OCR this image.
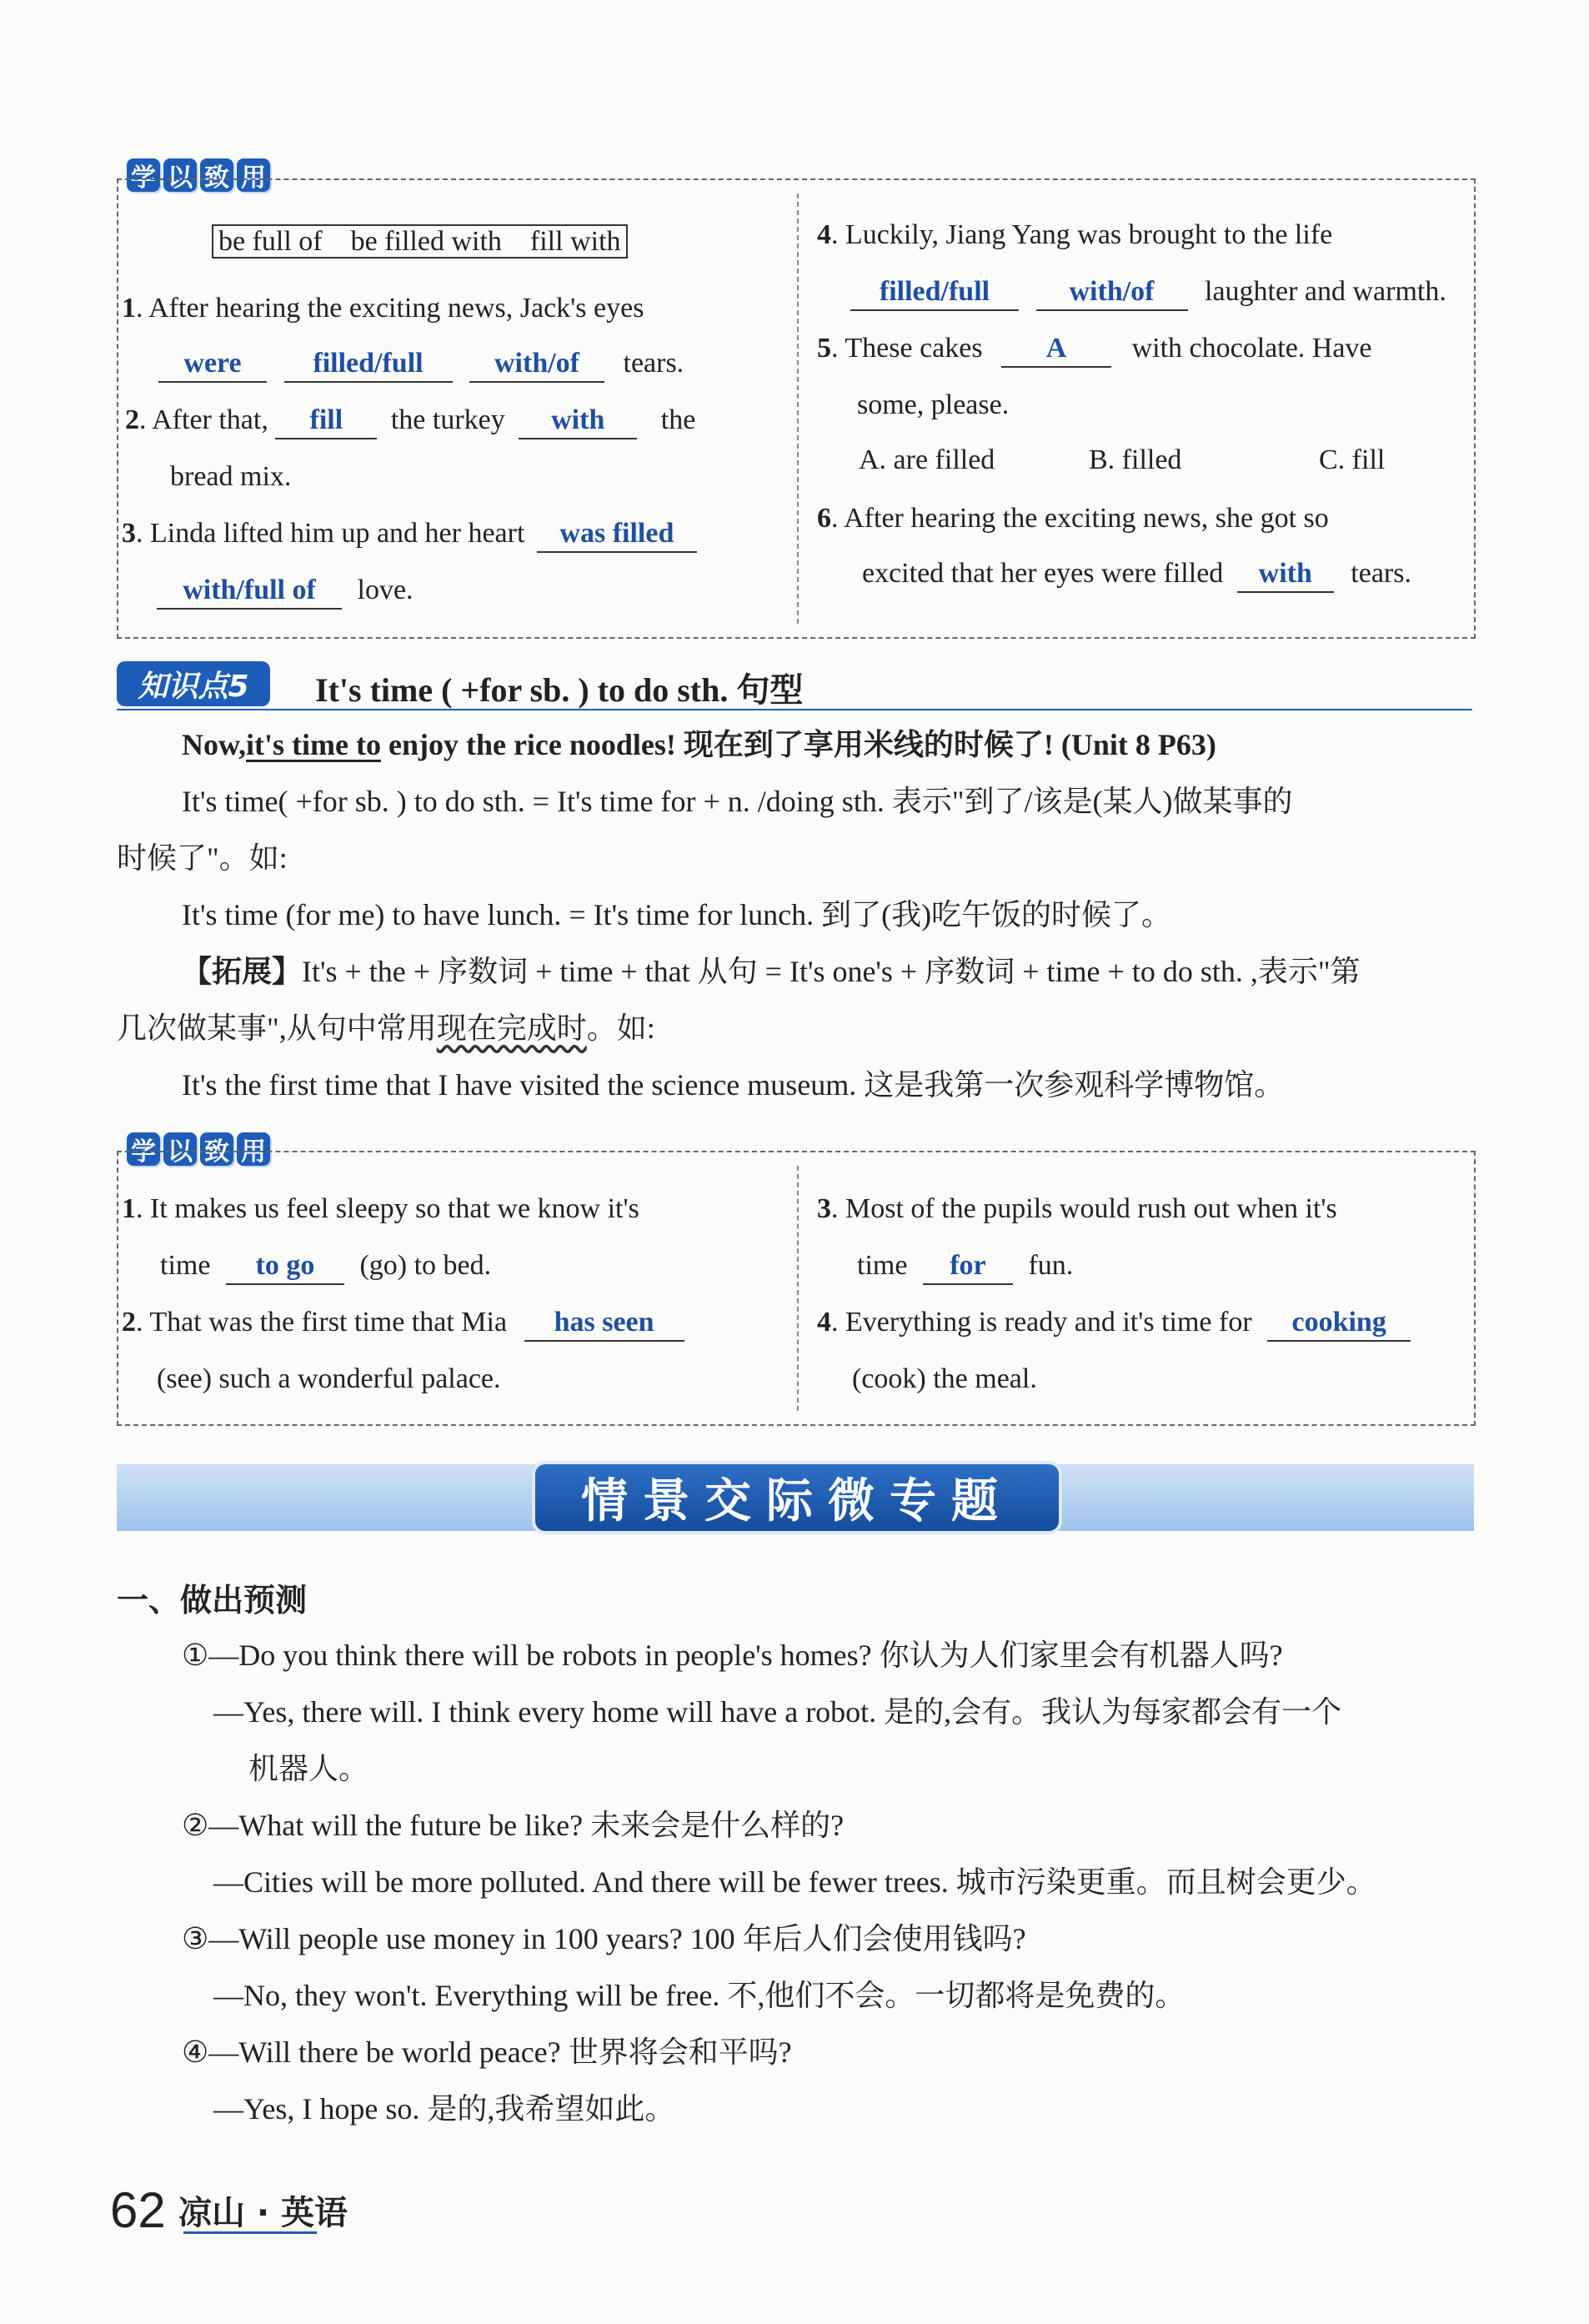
学 以 致 用
be full of    be filled with    fill with
1. After hearing the exciting news, Jack's eyes
were	filled/full	with/of tears.
2. After that, fill the turkey with the
bread mix.
3. Linda lifted him up and her heart was filled
with/full of love.
4. Luckily, Jiang Yang was brought to the life
filled/full	with/of laughter and warmth.
5. These cakes A with chocolate. Have
some, please.
A. are filled	B. filled	C. fill
6. After hearing the exciting news, she got so
excited that her eyes were filled with tears.
知识点5	It's time ( +for sb. ) to do sth. 句型
Now,it's time to enjoy the rice noodles! 现在到了享用米线的时候了! (Unit 8 P63)
It's time( +for sb. ) to do sth. = It's time for + n. /doing sth. 表示"到了/该是(某人)做某事的
时候了"。如:
It's time (for me) to have lunch. = It's time for lunch. 到了(我)吃午饭的时候了。
【拓展】It's + the + 序数词 + time + that 从句 = It's one's + 序数词 + time + to do sth. ,表示"第
几次做某事",从句中常用现在完成时。如:
It's the first time that I have visited the science museum. 这是我第一次参观科学博物馆。
学 以 致 用
1. It makes us feel sleepy so that we know it's
time to go (go) to bed.
2. That was the first time that Mia has seen
(see) such a wonderful palace.
3. Most of the pupils would rush out when it's
time for fun.
4. Everything is ready and it's time for cooking
(cook) the meal.
情景交际微专题
一、做出预测
①—Do you think there will be robots in people's homes? 你认为人们家里会有机器人吗?
—Yes, there will. I think every home will have a robot. 是的,会有。我认为每家都会有一个
机器人。
②—What will the future be like? 未来会是什么样的?
—Cities will be more polluted. And there will be fewer trees. 城市污染更重。而且树会更少。
③—Will people use money in 100 years? 100 年后人们会使用钱吗?
—No, they won't. Everything will be free. 不,他们不会。一切都将是免费的。
④—Will there be world peace? 世界将会和平吗?
—Yes, I hope so. 是的,我希望如此。
62 凉山 · 英语
